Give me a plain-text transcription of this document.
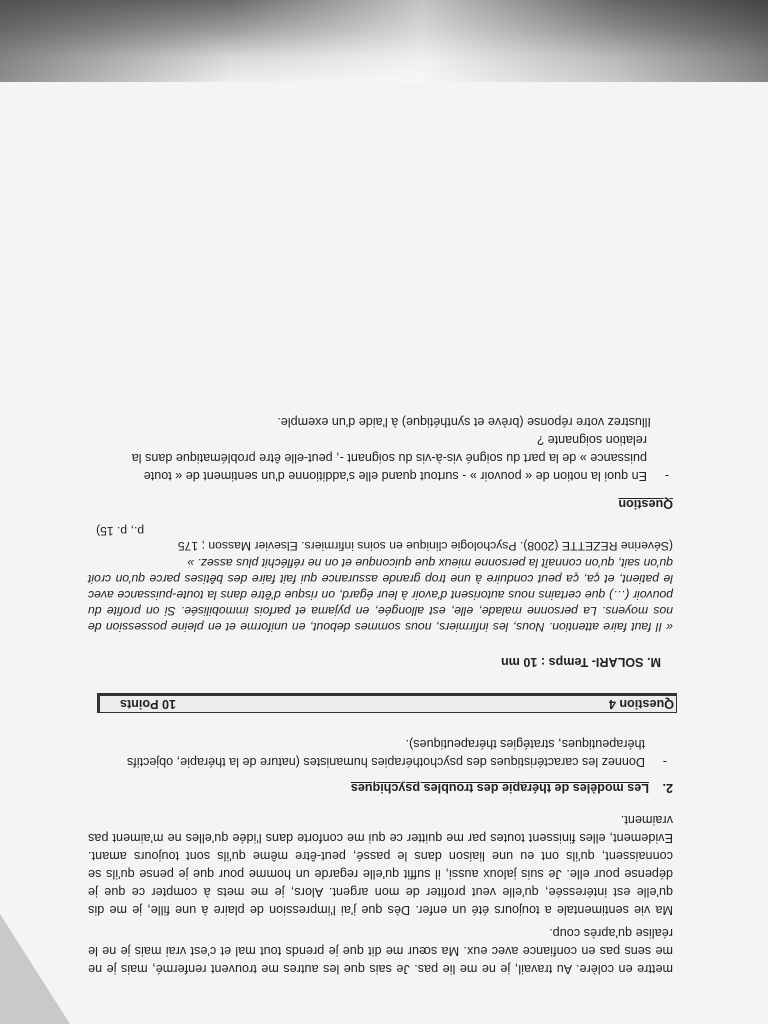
mettre en colère. Au travail, je ne me lie pas. Je sais que les autres me trouvent renfermé, mais je ne me sens pas en confiance avec eux. Ma sœur me dit que je prends tout mal et c'est vrai mais je ne le réalise qu'après coup.

Ma vie sentimentale a toujours été un enfer. Dès que j'ai l'impression de plaire à une fille, je me dis qu'elle est intéressée, qu'elle veut profiter de mon argent. Alors, je me mets à compter ce que je dépense pour elle. Je suis jaloux aussi, il suffit qu'elle regarde un homme pour que je pense qu'ils se connaissent, qu'ils ont eu une liaison dans le passé, peut-être même qu'ils sont toujours amant. Evidement, elles finissent toutes par me quitter ce qui me conforte dans l'idée qu'elles ne m'aiment pas vraiment.

2. Les modèles de thérapie des troubles psychiques
-
Donnez les caractéristiques des psychothérapies humanistes (nature de la thérapie, objectifs thérapeutiques, stratégies thérapeutiques).
Question 4
10 Points
M. SOLARI- Temps : 10 mn

« Il faut faire attention. Nous, les infirmiers, nous sommes debout, en uniforme et en pleine possession de nos moyens. La personne malade, elle, est allongée, en pyjama et parfois immobilisée. Si on profite du pouvoir (…) que certains nous autorisent d'avoir à leur égard, on risque d'être dans la toute-puissance avec le patient, et ça, ça peut conduire à une trop grande assurance qui fait faire des bêtises parce qu'on croit qu'on sait, qu'on connaît la personne mieux que quiconque et on ne réfléchit plus assez. »

(Séverine REZETTE (2008). Psychologie clinique en soins infirmiers. Elsevier Masson ; 175
p., p. 15)
Question
-
En quoi la notion de « pouvoir » - surtout quand elle s'additionne d'un sentiment de « toute puissance » de la part du soigné vis-à-vis du soignant -, peut-elle être problématique dans la relation soignante ?

Illustrez votre réponse (brève et synthétique) à l'aide d'un exemple.
